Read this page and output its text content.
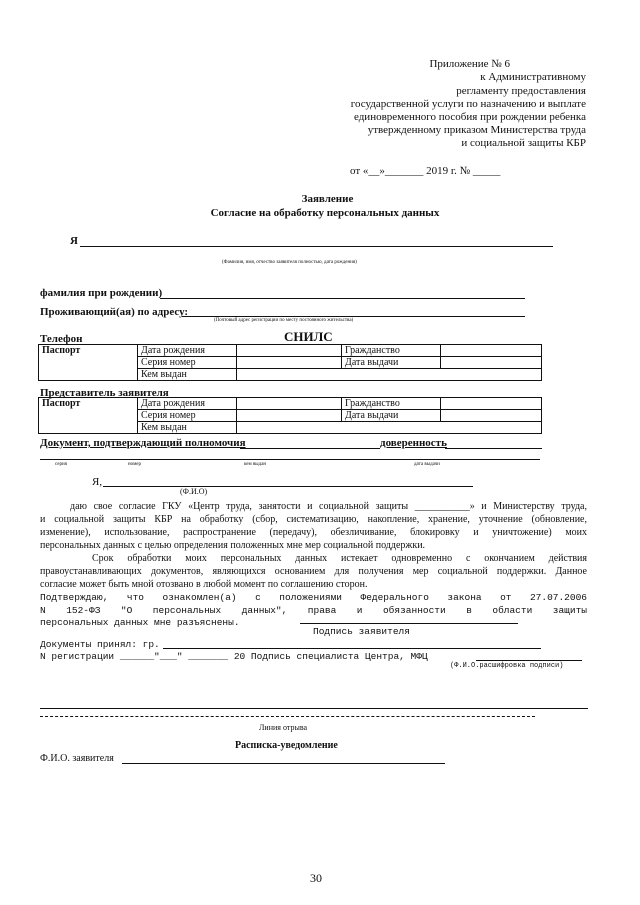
Приложение № 6
к Административному
регламенту предоставления
государственной услуги по назначению и выплате
единовременного пособия при рождении ребенка
утвержденному приказом Министерства труда
и социальной защиты КБР
от «__»_______ 2019 г. № _____
Заявление
Согласие на обработку персональных данных
Я
(Фамилия, имя, отчество заявителя полностью, дата рождения)
фамилия при рождении)
Проживающий(ая) по адресу:
(Почтовый адрес регистрации по месту постоянного жительства)
Телефон	СНИЛС
Паспорт	Дата рождения		Гражданство	
	Серия номер		Дата выдачи	
	Кем выдан			
Представитель заявителя
Паспорт	Дата рождения		Гражданство	
	Серия номер		Дата выдачи	
	Кем выдан			
Документ, подтверждающий полномочия	доверенность
серия	номер	кем выдан	дата выдачи
Я,
(Ф.И.О)
даю свое согласие ГКУ «Центр труда, занятости и социальной защиты ___________» и Министерству труда,
и социальной защиты КБР на обработку (сбор, систематизацию, накопление, хранение, уточнение (обновление,
изменение), использование, распространение (передачу), обезличивание, блокировку и уничтожение) моих
персональных данных с целью определения положенных мне мер социальной поддержки.
Срок обработки моих персональных данных истекает одновременно с окончанием действия
правоустанавливающих документов, являющихся основанием для получения мер социальной поддержки. Данное
согласие может быть мной отозвано в любой момент по соглашению сторон.
Подтверждаю, что ознакомлен(а) с положениями Федерального закона от 27.07.2006
N 152-ФЗ "О персональных данных", права и обязанности в области защиты
персональных данных мне разъяснены.
Подпись заявителя
Документы принял: гр.
N регистрации ______"___" _______ 20 Подпись специалиста Центра, МФЦ
(Ф.И.О.расшифровка подписи)
Линия отрыва
Расписка-уведомление
Ф.И.О. заявителя
30
